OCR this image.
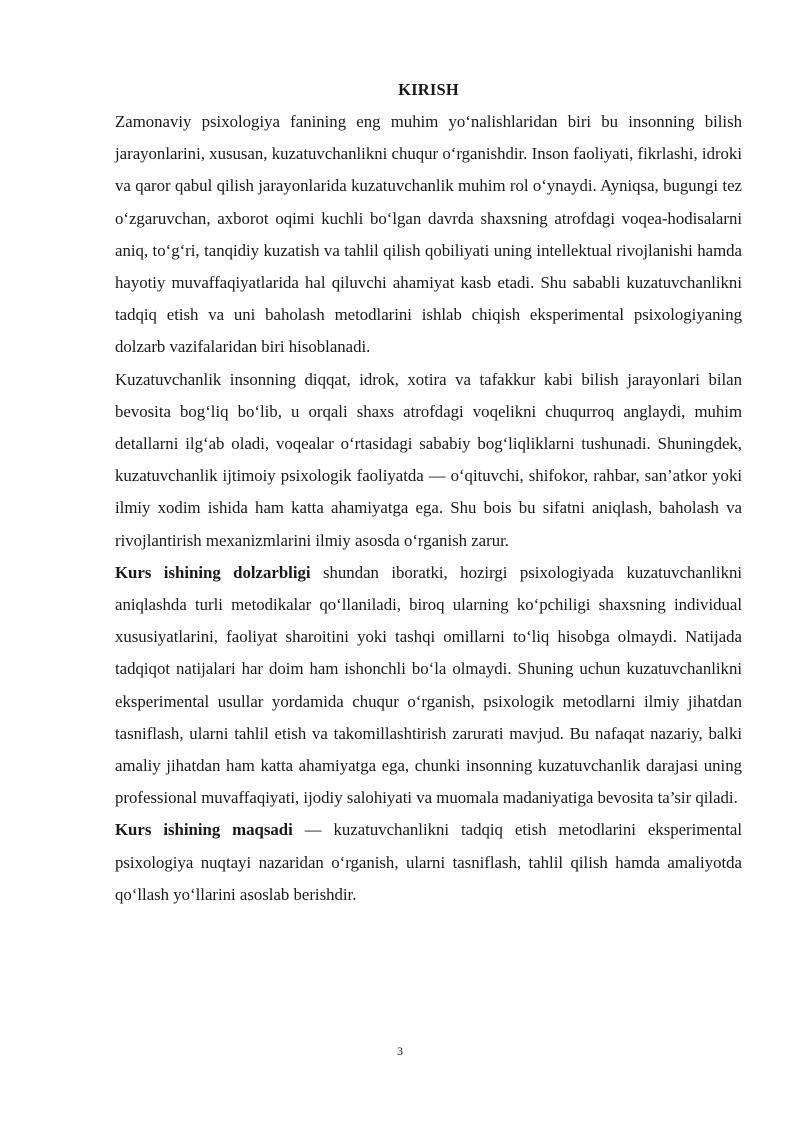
KIRISH

Zamonaviy psixologiya fanining eng muhim yo‘nalishlaridan biri bu insonning bilish jarayonlarini, xususan, kuzatuvchanlikni chuqur o‘rganishdir. Inson faoliyati, fikrlashi, idroki va qaror qabul qilish jarayonlarida kuzatuvchanlik muhim rol o‘ynaydi. Ayniqsa, bugungi tez o‘zgaruvchan, axborot oqimi kuchli bo‘lgan davrda shaxsning atrofdagi voqea-hodisalarni aniq, to‘g‘ri, tanqidiy kuzatish va tahlil qilish qobiliyati uning intellektual rivojlanishi hamda hayotiy muvaffaqiyatlarida hal qiluvchi ahamiyat kasb etadi. Shu sababli kuzatuvchanlikni tadqiq etish va uni baholash metodlarini ishlab chiqish eksperimental psixologiyaning dolzarb vazifalaridan biri hisoblanadi.

Kuzatuvchanlik insonning diqqat, idrok, xotira va tafakkur kabi bilish jarayonlari bilan bevosita bog‘liq bo‘lib, u orqali shaxs atrofdagi voqelikni chuqurroq anglaydi, muhim detallarni ilg‘ab oladi, voqealar o‘rtasidagi sababiy bog‘liqliklarni tushunadi. Shuningdek, kuzatuvchanlik ijtimoiy psixologik faoliyatda — o‘qituvchi, shifokor, rahbar, san’atkor yoki ilmiy xodim ishida ham katta ahamiyatga ega. Shu bois bu sifatni aniqlash, baholash va rivojlantirish mexanizmlarini ilmiy asosda o‘rganish zarur.

Kurs ishining dolzarbligi shundan iboratki, hozirgi psixologiyada kuzatuvchanlikni aniqlashda turli metodikalar qo‘llaniladi, biroq ularning ko‘pchiligi shaxsning individual xususiyatlarini, faoliyat sharoitini yoki tashqi omillarni to‘liq hisobga olmaydi. Natijada tadqiqot natijalari har doim ham ishonchli bo‘la olmaydi. Shuning uchun kuzatuvchanlikni eksperimental usullar yordamida chuqur o‘rganish, psixologik metodlarni ilmiy jihatdan tasniflash, ularni tahlil etish va takomillashtirish zarurati mavjud. Bu nafaqat nazariy, balki amaliy jihatdan ham katta ahamiyatga ega, chunki insonning kuzatuvchanlik darajasi uning professional muvaffaqiyati, ijodiy salohiyati va muomala madaniyatiga bevosita ta’sir qiladi.

Kurs ishining maqsadi — kuzatuvchanlikni tadqiq etish metodlarini eksperimental psixologiya nuqtayi nazaridan o‘rganish, ularni tasniflash, tahlil qilish hamda amaliyotda qo‘llash yo‘llarini asoslab berishdir.

3
